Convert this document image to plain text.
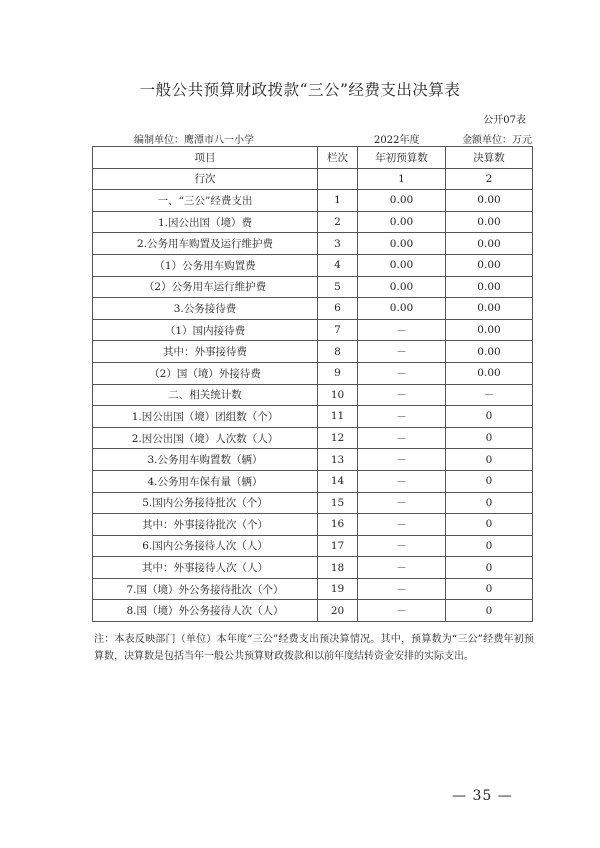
一般公共预算财政拨款“三公”经费支出决算表
公开07表
编制单位：鹰潭市八一小学	2022年度	金额单位：万元
项目	栏次	年初预算数	决算数
行次		1	2
一、“三公”经费支出	1	0.00	0.00
1.因公出国（境）费	2	0.00	0.00
2.公务用车购置及运行维护费	3	0.00	0.00
（1）公务用车购置费	4	0.00	0.00
（2）公务用车运行维护费	5	0.00	0.00
3.公务接待费	6	0.00	0.00
（1）国内接待费	7	－	0.00
其中：外事接待费	8	－	0.00
（2）国（境）外接待费	9	－	0.00
二、相关统计数	10	－	－
1.因公出国（境）团组数（个）	11	－	0
2.因公出国（境）人次数（人）	12	－	0
3.公务用车购置数（辆）	13	－	0
4.公务用车保有量（辆）	14	－	0
5.国内公务接待批次（个）	15	－	0
其中：外事接待批次（个）	16	－	0
6.国内公务接待人次（人）	17	－	0
其中：外事接待人次（人）	18	－	0
7.国（境）外公务接待批次（个）	19	－	0
8.国（境）外公务接待人次（人）	20	－	0
注：本表反映部门（单位）本年度“三公”经费支出预决算情况。其中，预算数为“三公”经费年初预算数，决算数是包括当年一般公共预算财政拨款和以前年度结转资金安排的实际支出。
— 35 —
